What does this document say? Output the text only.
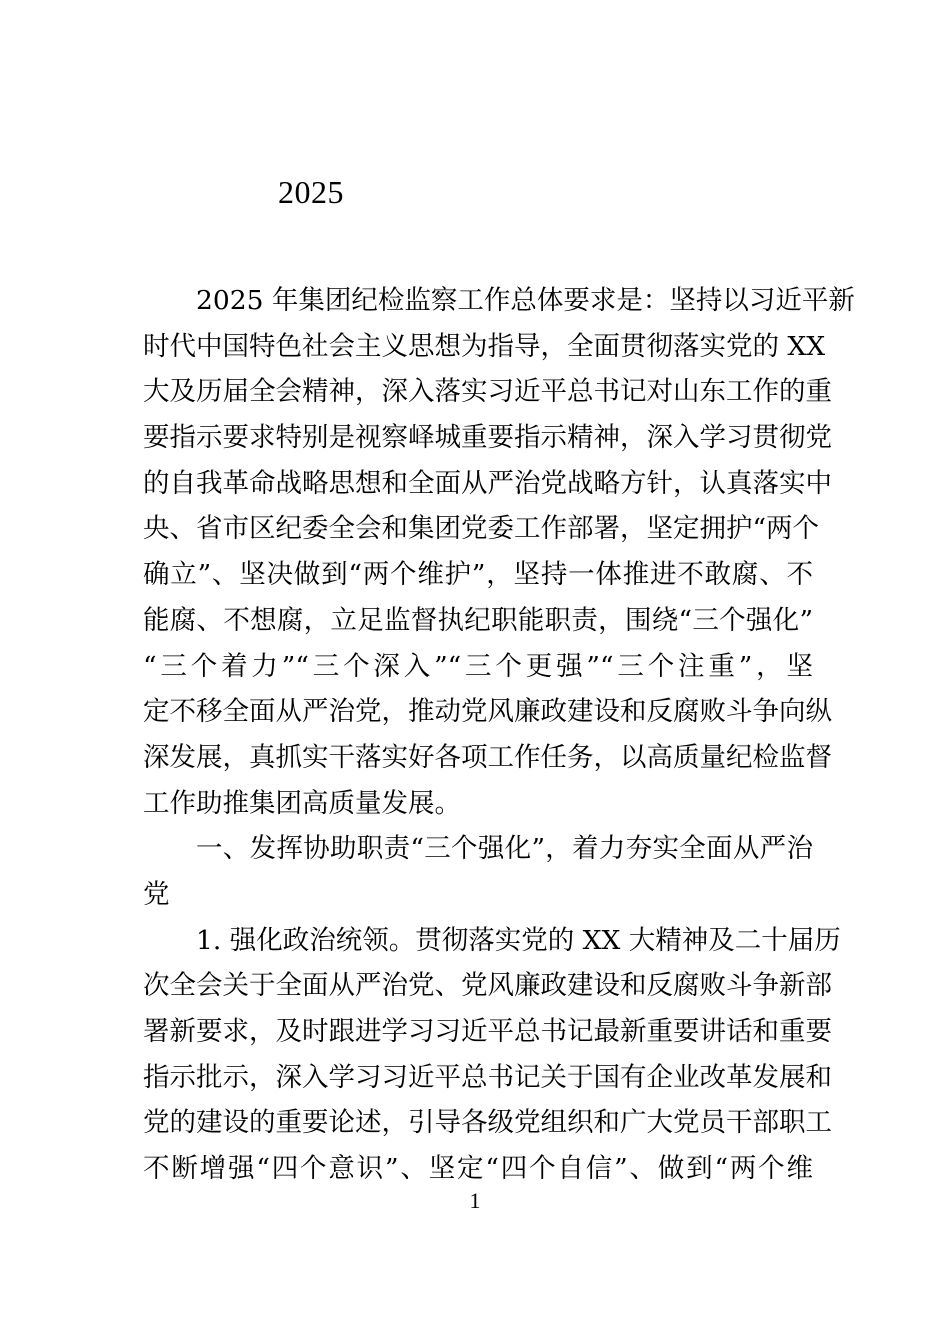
2025
2025 年集团纪检监察工作总体要求是：坚持以习近平新
时代中国特色社会主义思想为指导，全面贯彻落实党的 XX
大及历届全会精神，深入落实习近平总书记对山东工作的重
要指示要求特别是视察峄城重要指示精神，深入学习贯彻党
的自我革命战略思想和全面从严治党战略方针，认真落实中
央、省市区纪委全会和集团党委工作部署，坚定拥护“两个
确立”、坚决做到“两个维护”，坚持一体推进不敢腐、不
能腐、不想腐，立足监督执纪职能职责，围绕“三个强化”
“三个着力”“三个深入”“三个更强”“三个注重”，坚
定不移全面从严治党，推动党风廉政建设和反腐败斗争向纵
深发展，真抓实干落实好各项工作任务，以高质量纪检监督
工作助推集团高质量发展。
一、发挥协助职责“三个强化”，着力夯实全面从严治
党
1. 强化政治统领。贯彻落实党的 XX 大精神及二十届历
次全会关于全面从严治党、党风廉政建设和反腐败斗争新部
署新要求，及时跟进学习习近平总书记最新重要讲话和重要
指示批示，深入学习习近平总书记关于国有企业改革发展和
党的建设的重要论述，引导各级党组织和广大党员干部职工
不断增强“四个意识”、坚定“四个自信”、做到“两个维
1
